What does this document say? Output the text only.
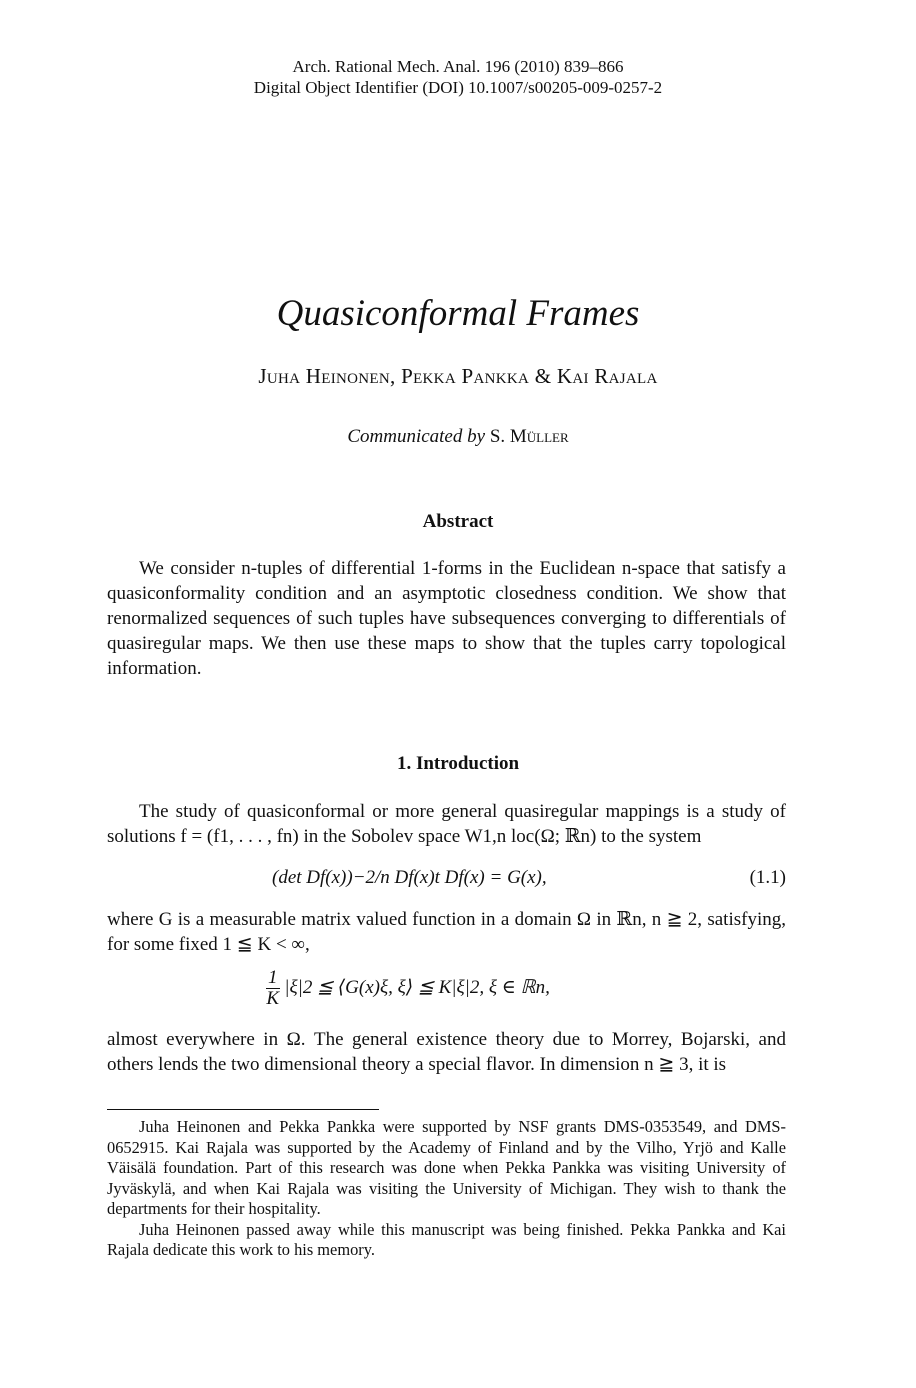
Arch. Rational Mech. Anal. 196 (2010) 839–866
Digital Object Identifier (DOI) 10.1007/s00205-009-0257-2
Quasiconformal Frames
Juha Heinonen, Pekka Pankka & Kai Rajala
Communicated by S. Müller
Abstract

We consider n-tuples of differential 1-forms in the Euclidean n-space that satisfy a quasiconformality condition and an asymptotic closedness condition. We show that renormalized sequences of such tuples have subsequences converging to differentials of quasiregular maps. We then use these maps to show that the tuples carry topological information.

1. Introduction

The study of quasiconformal or more general quasiregular mappings is a study of solutions f = (f1, . . . , fn) in the Sobolev space W1,n loc(Ω; ℝn) to the system

(det Df(x))−2/n Df(x)t Df(x) = G(x),	(1.1)

where G is a measurable matrix valued function in a domain Ω in ℝn, n ≧ 2, satisfying, for some fixed 1 ≦ K < ∞,

$\frac{1}{K} |\xi|2$ ≦ ⟨G(x)ξ, ξ⟩ ≦ K|ξ|2, ξ ∈ ℝn,

almost everywhere in Ω. The general existence theory due to Morrey, Bojarski, and others lends the two dimensional theory a special flavor. In dimension n ≧ 3, it is

Juha Heinonen and Pekka Pankka were supported by NSF grants DMS-0353549, and DMS-0652915. Kai Rajala was supported by the Academy of Finland and by the Vilho, Yrjö and Kalle Väisälä foundation. Part of this research was done when Pekka Pankka was visiting University of Jyväskylä, and when Kai Rajala was visiting the University of Michigan. They wish to thank the departments for their hospitality.

Juha Heinonen passed away while this manuscript was being finished. Pekka Pankka and Kai Rajala dedicate this work to his memory.
